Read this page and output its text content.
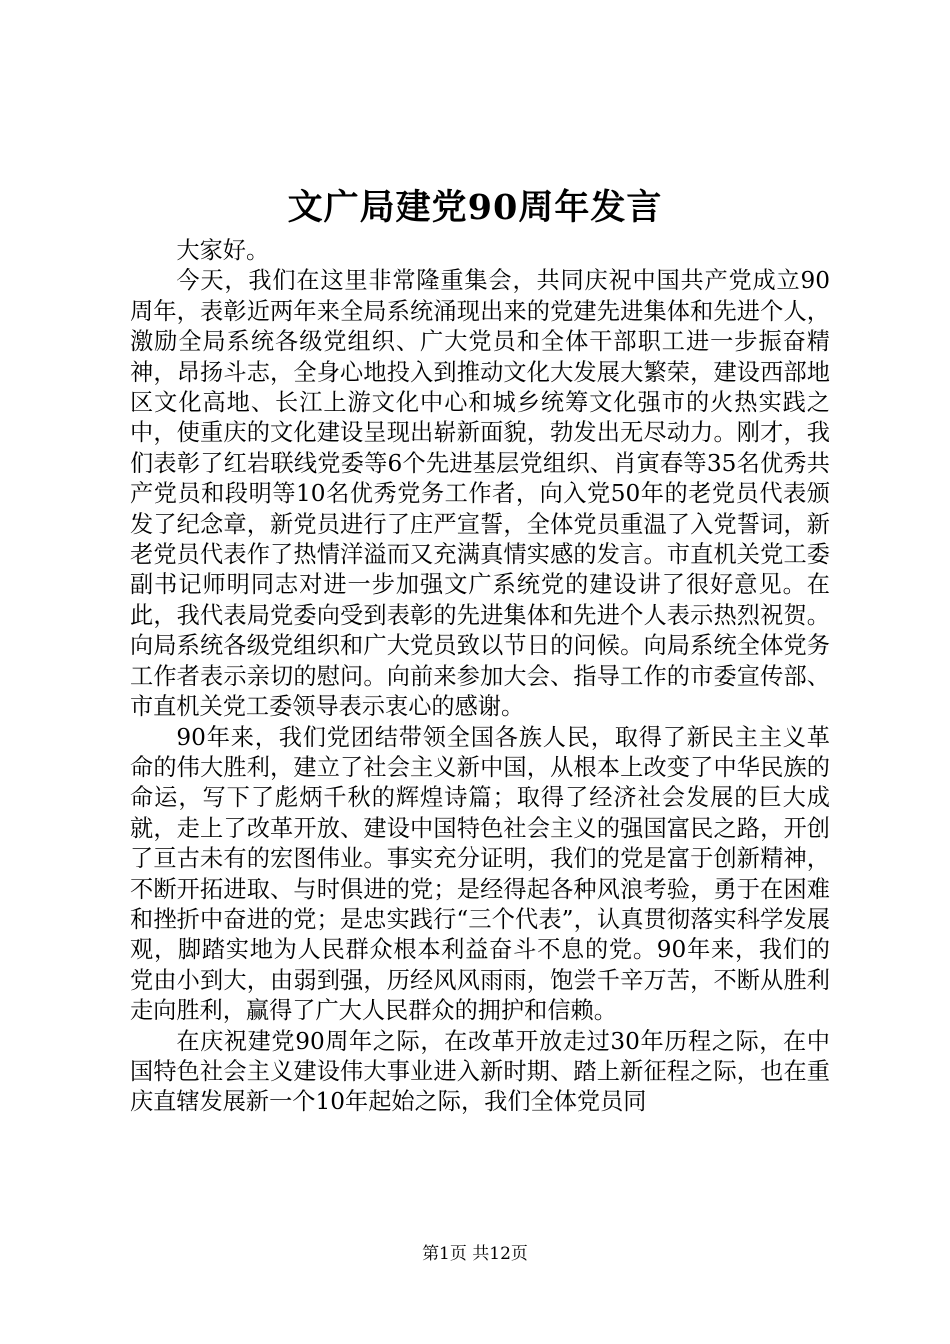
文广局建党90周年发言

大家好。

今天，我们在这里非常隆重集会，共同庆祝中国共产党成立90周年，表彰近两年来全局系统涌现出来的党建先进集体和先进个人，激励全局系统各级党组织、广大党员和全体干部职工进一步振奋精神，昂扬斗志，全身心地投入到推动文化大发展大繁荣，建设西部地区文化高地、长江上游文化中心和城乡统筹文化强市的火热实践之中，使重庆的文化建设呈现出崭新面貌，勃发出无尽动力。刚才，我们表彰了红岩联线党委等6个先进基层党组织、肖寅春等35名优秀共产党员和段明等10名优秀党务工作者，向入党50年的老党员代表颁发了纪念章，新党员进行了庄严宣誓，全体党员重温了入党誓词，新老党员代表作了热情洋溢而又充满真情实感的发言。市直机关党工委副书记师明同志对进一步加强文广系统党的建设讲了很好意见。在此，我代表局党委向受到表彰的先进集体和先进个人表示热烈祝贺。向局系统各级党组织和广大党员致以节日的问候。向局系统全体党务工作者表示亲切的慰问。向前来参加大会、指导工作的市委宣传部、市直机关党工委领导表示衷心的感谢。

90年来，我们党团结带领全国各族人民，取得了新民主主义革命的伟大胜利，建立了社会主义新中国，从根本上改变了中华民族的命运，写下了彪炳千秋的辉煌诗篇；取得了经济社会发展的巨大成就，走上了改革开放、建设中国特色社会主义的强国富民之路，开创了亘古未有的宏图伟业。事实充分证明，我们的党是富于创新精神，不断开拓进取、与时俱进的党；是经得起各种风浪考验，勇于在困难和挫折中奋进的党；是忠实践行“三个代表”，认真贯彻落实科学发展观，脚踏实地为人民群众根本利益奋斗不息的党。90年来，我们的党由小到大，由弱到强，历经风风雨雨，饱尝千辛万苦，不断从胜利走向胜利，赢得了广大人民群众的拥护和信赖。

在庆祝建党90周年之际，在改革开放走过30年历程之际，在中国特色社会主义建设伟大事业进入新时期、踏上新征程之际，也在重庆直辖发展新一个10年起始之际，我们全体党员同

第1页 共12页
